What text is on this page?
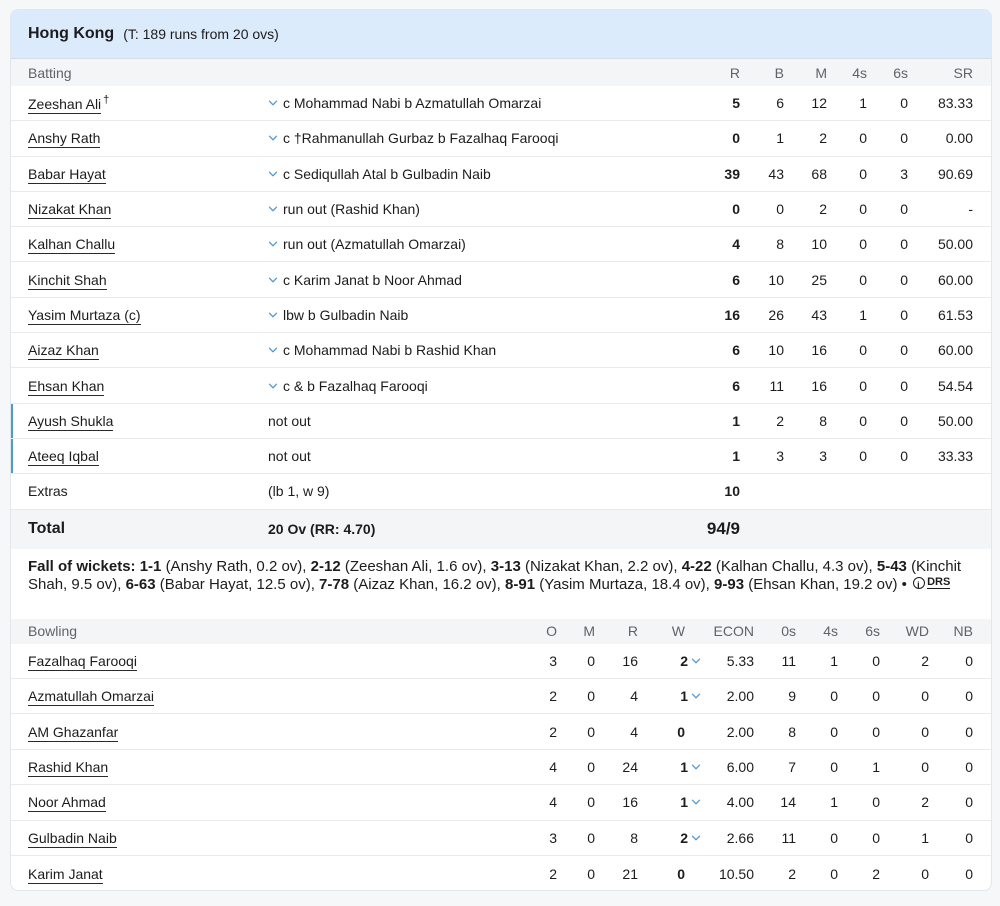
Hong Kong (T: 189 runs from 20 ovs)
Batting	R B M 4s 6s	SR
Zeeshan Ali †	c Mohammad Nabi b Azmatullah Omarzai	5	6 12 1 0 83.33
Anshy Rath	c †Rahmanullah Gurbaz b Fazalhaq Farooqi	0	1	2 0 0	0.00
Babar Hayat	c Sediqullah Atal b Gulbadin Naib	39 43 68 0 3 90.69
Nizakat Khan	run out (Rashid Khan)	0	0	2 0 0	-
Kalhan Challu	run out (Azmatullah Omarzai)	4	8 10 0 0 50.00
Kinchit Shah	c Karim Janat b Noor Ahmad	6 10 25 0 0 60.00
Yasim Murtaza (c)	lbw b Gulbadin Naib	16 26 43 1 0 61.53
Aizaz Khan	c Mohammad Nabi b Rashid Khan	6 10 16 0 0 60.00
Ehsan Khan	c & b Fazalhaq Farooqi	6 11 16 0 0 54.54
Ayush Shukla	not out	1	2	8 0 0 50.00
Ateeq Iqbal	not out	1	3	3 0 0 33.33
Extras	(lb 1, w 9)	10
Total	20 Ov (RR: 4.70)	94/9
Fall of wickets: 1-1 (Anshy Rath, 0.2 ov), 2-12 (Zeeshan Ali, 1.6 ov), 3-13 (Nizakat Khan, 2.2 ov), 4-22 (Kalhan Challu, 4.3 ov), 5-43 (Kinchit Shah, 9.5 ov), 6-63 (Babar Hayat, 12.5 ov), 7-78 (Aizaz Khan, 16.2 ov), 8-91 (Yasim Murtaza, 18.4 ov), 9-93 (Ehsan Khan, 19.2 ov) •
i DRS
Bowling	O M R W ECON 0s 4s 6s WD NB
Fazalhaq Farooqi	3 0 16	2	5.33 11 1 0	2	0
Azmatullah Omarzai	2 0	4	1	2.00 9 0 0	0	0
AM Ghazanfar	2 0	4	0	2.00 8 0 0	0	0
Rashid Khan	4 0 24	1	6.00 7 0 1	0	0
Noor Ahmad	4 0 16	1	4.00 14 1 0	2	0
Gulbadin Naib	3 0	8	2	2.66 11 0 0	1	0
Karim Janat	2 0 21	0 10.50 2 0 2	0	0
